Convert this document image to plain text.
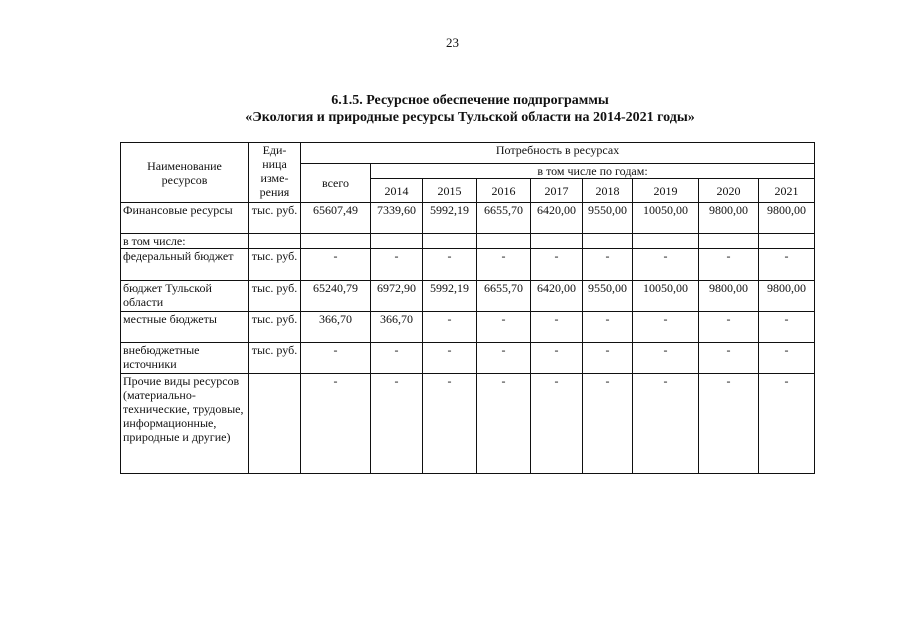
23
6.1.5. Ресурсное обеспечение подпрограммы
«Экология и природные ресурсы Тульской области на 2014-2021 годы»
Наименование ресурсов	Еди- ница изме- рения	Потребность в ресурсах								
		всего	в том числе по годам:							
			2014	2015	2016	2017	2018	2019	2020	2021
Финансовые ресурсы	тыс. руб.	65607,49	7339,60	5992,19	6655,70	6420,00	9550,00	10050,00	9800,00	9800,00
в том числе:										
федеральный бюджет	тыс. руб.	-	-	-	-	-	-	-	-	-
бюджет Тульской области	тыс. руб.	65240,79	6972,90	5992,19	6655,70	6420,00	9550,00	10050,00	9800,00	9800,00
местные бюджеты	тыс. руб.	366,70	366,70	-	-	-	-	-	-	-
внебюджетные источники	тыс. руб.	-	-	-	-	-	-	-	-	-
Прочие виды ресурсов (материально-технические, трудовые, информационные, природные и другие)		-	-	-	-	-	-	-	-	-
